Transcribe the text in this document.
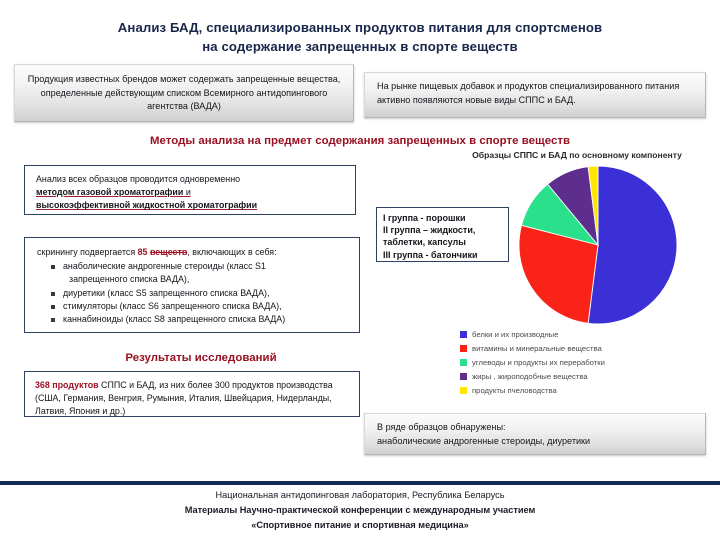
Анализ БАД, специализированных продуктов питания для спортсменов
на содержание запрещенных в спорте веществ
Продукция известных брендов может содержать запрещенные вещества, определенные действующим списком Всемирного антидопингового агентства (ВАДА)
На рынке пищевых добавок и продуктов специализированного питания активно появляются новые виды СППС и БАД.
Методы анализа на предмет содержания запрещенных в спорте веществ
Анализ всех образцов проводится одновременно
методом газовой хроматографии и
высокоэффективной жидкостной хроматографии
скринингу подвергается 85 веществ, включающих в себя:
анаболические андрогенные стероиды (класс S1
запрещенного списка ВАДА),
диуретики (класс S5 запрещенного списка ВАДА),
стимуляторы (класс S6 запрещенного списка ВАДА),
каннабиноиды (класс S8 запрещенного списка ВАДА)
I группа - порошки
II группа – жидкости,
таблетки, капсулы
III группа - батончики
Образцы СППС и БАД по основному компоненту
белки и их производные
витамины и минеральные вещества
углеводы и продукты их переработки
жиры , жироподобные вещества
продукты пчеловодства
Результаты исследований
368 продуктов СППС и БАД, из них более 300 продуктов производства (США, Германия, Венгрия, Румыния, Италия, Швейцария, Нидерланды, Латвия, Япония и др.)
В ряде образцов обнаружены:
анаболические андрогенные стероиды, диуретики
Национальная антидопинговая лаборатория, Республика Беларусь
Материалы Научно-практической конференции с международным участием
«Спортивное питание и спортивная медицина»
